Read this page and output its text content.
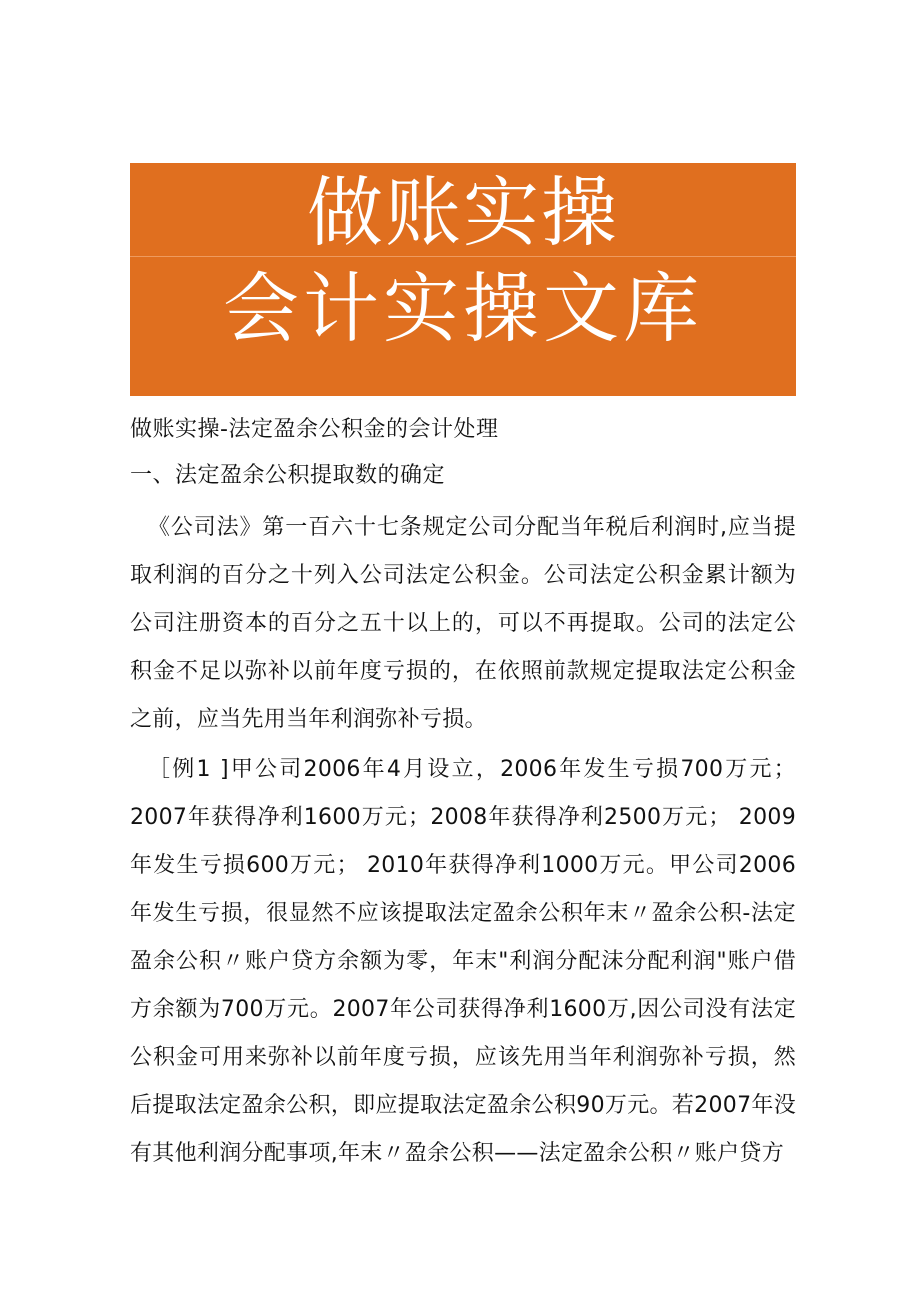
做账实操
会计实操文库

做账实操-法定盈余公积金的会计处理

一、法定盈余公积提取数的确定

《公司法》第一百六十七条规定公司分配当年税后利润时,应当提取利润的百分之十列入公司法定公积金。公司法定公积金累计额为公司注册资本的百分之五十以上的，可以不再提取。公司的法定公积金不足以弥补以前年度亏损的，在依照前款规定提取法定公积金之前，应当先用当年利润弥补亏损。

［例1 ]甲公司2006年4月设立，2006年发生亏损700万元；2007年获得净利1600万元；2008年获得净利2500万元； 2009年发生亏损600万元； 2010年获得净利1000万元。甲公司2006年发生亏损，很显然不应该提取法定盈余公积年末〃盈余公积-法定盈余公积〃账户贷方余额为零，年末"利润分配沫分配利润"账户借方余额为700万元。2007年公司获得净利1600万,因公司没有法定公积金可用来弥补以前年度亏损，应该先用当年利润弥补亏损，然后提取法定盈余公积，即应提取法定盈余公积90万元。若2007年没有其他利润分配事项,年末〃盈余公积——法定盈余公积〃账户贷方
